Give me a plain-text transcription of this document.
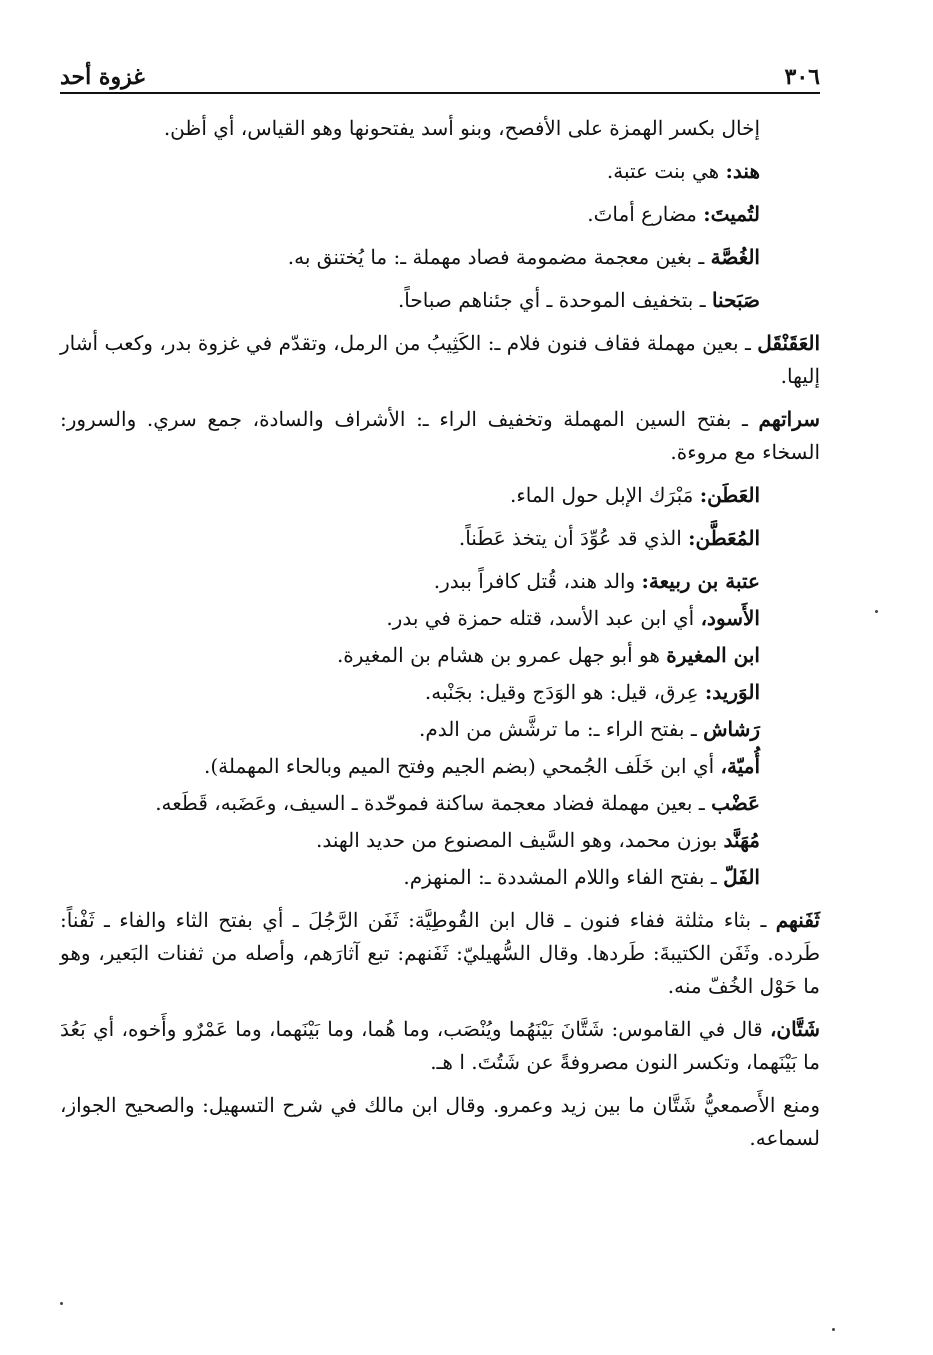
٣٠٦
غزوة أحد

إخال بكسر الهمزة على الأفصح، وبنو أسد يفتحونها وهو القياس، أي أظن.

هند: هي بنت عتبة.

لتُميتَ: مضارع أماتَ.

الغُصَّة ـ بغين معجمة مضمومة فصاد مهملة ـ: ما يُختنق به.

صَبَحنا ـ بتخفيف الموحدة ـ أي جئناهم صباحاً.

العَقَنْقَل ـ بعين مهملة فقاف فنون فلام ـ: الكَثِيبُ من الرمل، وتقدّم في غزوة بدر، وكعب أشار إليها.

سراتهم ـ بفتح السين المهملة وتخفيف الراء ـ: الأشراف والسادة، جمع سري. والسرور: السخاء مع مروءة.

العَطَن: مَبْرَك الإبل حول الماء.

المُعَطَّن: الذي قد عُوِّدَ أن يتخذ عَطَناً.

عتبة بن ربيعة: والد هند، قُتل كافراً ببدر.

الأَسود، أي ابن عبد الأسد، قتله حمزة في بدر.

ابن المغيرة هو أبو جهل عمرو بن هشام بن المغيرة.

الوَريد: عِرق، قيل: هو الوَدَج وقيل: بجَنْبه.

رَشاش ـ بفتح الراء ـ: ما ترشَّش من الدم.

أُميّة، أي ابن خَلَف الجُمحي (بضم الجيم وفتح الميم وبالحاء المهملة).

عَضْب ـ بعين مهملة فضاد معجمة ساكنة فموحّدة ـ السيف، وعَضَبه، قَطَعه.

مُهَنَّد بوزن محمد، وهو السَّيف المصنوع من حديد الهند.

الفَلّ ـ بفتح الفاء واللام المشددة ـ: المنهزم.

ثَفَنهم ـ بثاء مثلثة ففاء فنون ـ قال ابن القُوطِيَّة: ثَفَن الرَّجُلَ ـ أي بفتح الثاء والفاء ـ ثَفْناً: طَرده. وثَفَن الكتيبةَ: طَردها. وقال السُّهيليّ: ثَفَنهم: تبع آثارَهم، وأصله من ثفنات البَعير، وهو ما حَوْل الخُفّ منه.

شَتَّان، قال في القاموس: شَتَّانَ بَيْنَهُما ويُنْصَب، وما هُما، وما بَيْنَهما، وما عَمْرٌو وأَخوه، أي بَعُدَ ما بَيْنَهما، وتكسر النون مصروفةً عن شَتُتَ. ا هـ.

ومنع الأَصمعيُّ شَتَّان ما بين زيد وعمرو. وقال ابن مالك في شرح التسهيل: والصحيح الجواز، لسماعه.
